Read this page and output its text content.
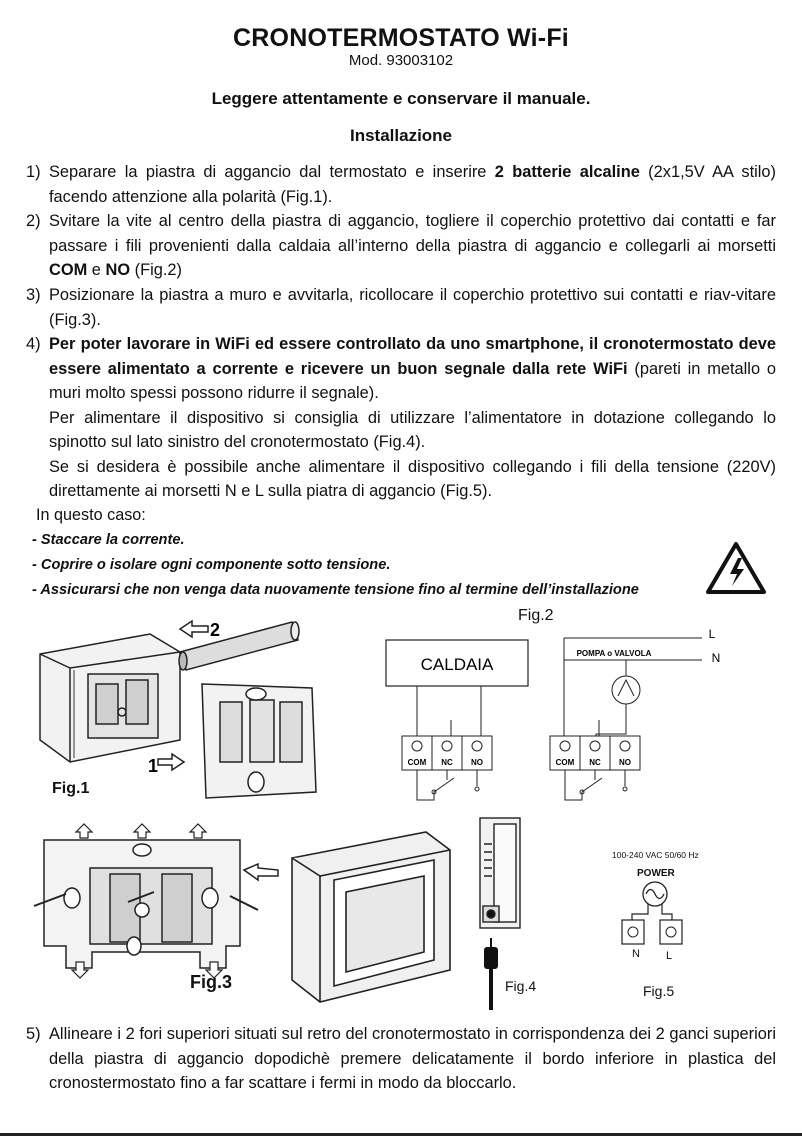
CRONOTERMOSTATO Wi-Fi
Mod. 93003102
Leggere attentamente e conservare il manuale.
Installazione
1) Separare la piastra di aggancio dal termostato e inserire 2 batterie alcaline (2x1,5V AA stilo) facendo attenzione alla polarità (Fig.1).
2) Svitare la vite al centro della piastra di aggancio, togliere il coperchio protettivo dai contatti e far passare i fili provenienti dalla caldaia all’interno della piastra di aggancio e collegarli ai morsetti COM e NO (Fig.2)
3) Posizionare la piastra a muro e avvitarla, ricollocare il coperchio protettivo sui contatti e riav-vitare (Fig.3).
4) Per poter lavorare in WiFi ed essere controllato da uno smartphone, il cronotermostato deve essere alimentato a corrente e ricevere un buon segnale dalla rete WiFi (pareti in metallo o muri molto spessi possono ridurre il segnale).
Per alimentare il dispositivo si consiglia di utilizzare l’alimentatore in dotazione collegando lo spinotto sul lato sinistro del cronotermostato (Fig.4).
Se si desidera è possibile anche alimentare il dispositivo collegando i fili della tensione (220V) direttamente ai morsetti N e L sulla piatra di aggancio (Fig.5).
In questo caso:
- Staccare la corrente.
- Coprire o isolare ogni componente sotto tensione.
- Assicurarsi che non venga data nuovamente tensione fino al termine dell’installazione
2
1
Fig.1
Fig.2
CALDAIA
COM NC NO
POMPA o VALVOLA
L
N
COM NC NO
Fig.3	Fig.4
100-240 VAC 50/60 Hz
POWER
N L
Fig.5
5) Allineare i 2 fori superiori situati sul retro del cronotermostato in corrispondenza dei 2 ganci superiori della piastra di aggancio dopodichè premere delicatamente il bordo inferiore in plastica del cronostermostato fino a far scattare i fermi in modo da bloccarlo.
